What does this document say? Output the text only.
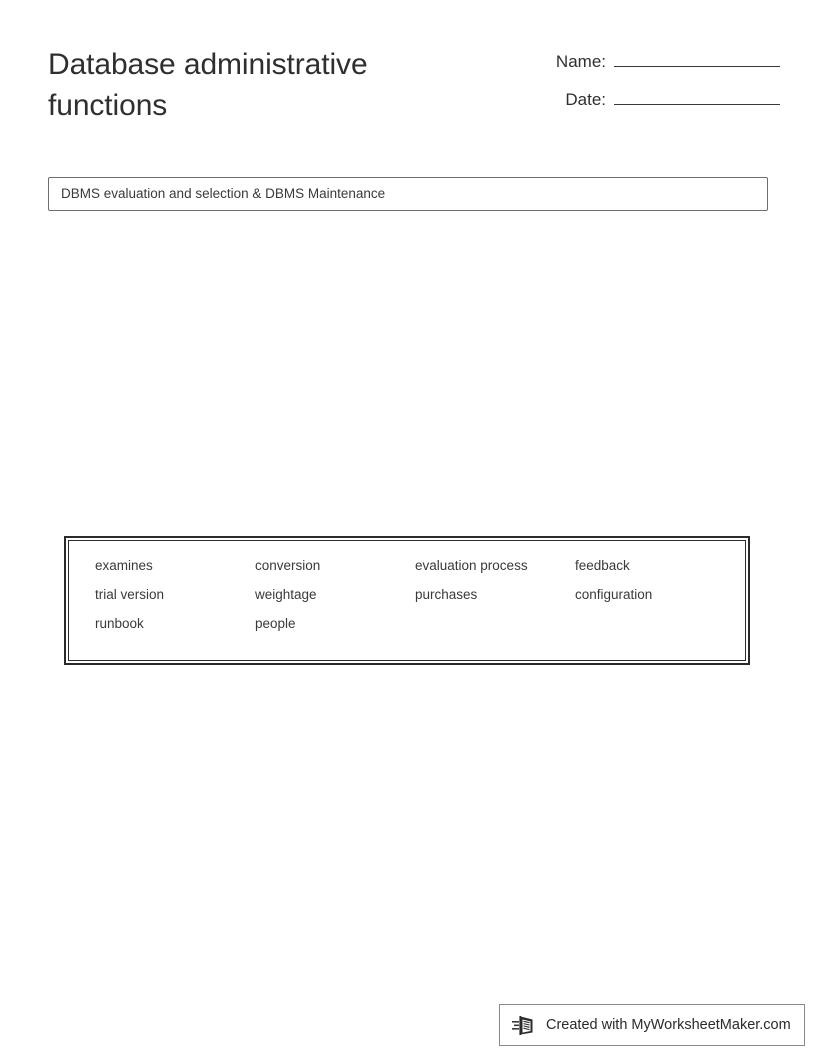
Database administrative functions
Name:
Date:
DBMS evaluation and selection & DBMS Maintenance
examines	conversion	evaluation process	feedback
trial version	weightage	purchases	configuration
runbook	people
Created with MyWorksheetMaker.com
